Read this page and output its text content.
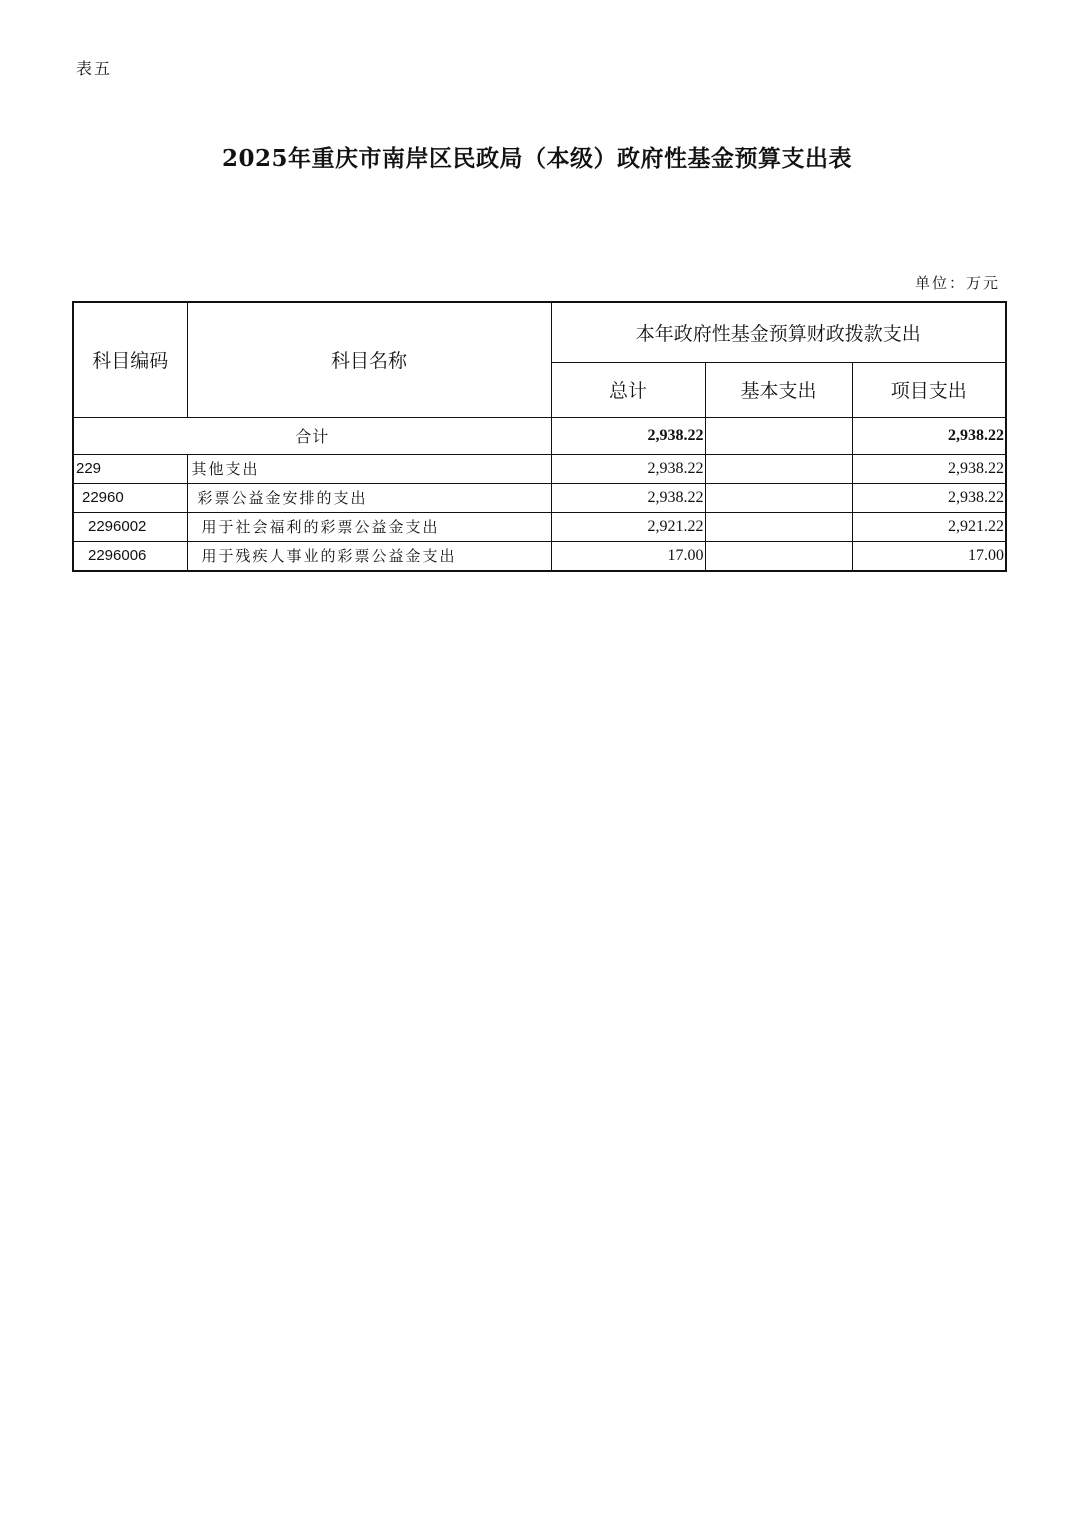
表五
2025年重庆市南岸区民政局（本级）政府性基金预算支出表
单位：万元
科目编码	科目名称	本年政府性基金预算财政拨款支出		
		总计	基本支出	项目支出
合计		2,938.22		2,938.22
229	其他支出	2,938.22		2,938.22
22960	彩票公益金安排的支出	2,938.22		2,938.22
2296002	用于社会福利的彩票公益金支出	2,921.22		2,921.22
2296006	用于残疾人事业的彩票公益金支出	17.00		17.00
